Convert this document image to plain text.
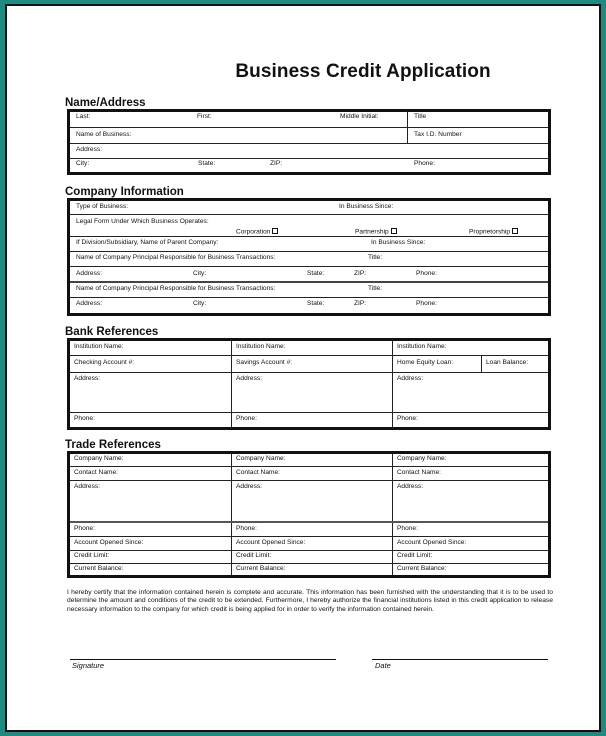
Business Credit Application
Name/Address
Last:	First:	Middle Initial:	Title
Name of Business:	Tax I.D. Number
Address:
City:	State:	ZIP:	Phone:
Company Information
Type of Business:	In Business Since:
Legal Form Under Which Business Operates:
Corporation	Partnership	Proprietorship
If Division/Subsidiary, Name of Parent Company:	In Business Since:
Name of Company Principal Responsible for Business Transactions:	Title:
Address:	City:	State:	ZIP:	Phone:
Name of Company Principal Responsible for Business Transactions:	Title:
Address:	City:	State:	ZIP:	Phone:
Bank References
Institution Name:	Institution Name:	Institution Name:
Checking Account #:	Savings Account #:	Home Equity Loan:	Loan Balance:
Address:	Address:	Address:
Phone:	Phone:	Phone:
Trade References
Company Name:	Company Name:	Company Name:
Contact Name:	Contact Name:	Contact Name:
Address:	Address:	Address:
Phone:	Phone:	Phone:
Account Opened Since:	Account Opened Since:	Account Opened Since:
Credit Limit:	Credit Limit:	Credit Limit:
Current Balance:	Current Balance:	Current Balance:

I hereby certify that the information contained herein is complete and accurate. This information has been furnished with the understanding that it is to be used to determine the amount and conditions of the credit to be extended. Furthermore, I hereby authorize the financial institutions listed in this credit application to release necessary information to the company for which credit is being applied for in order to verify the information contained herein.

Signature	Date
